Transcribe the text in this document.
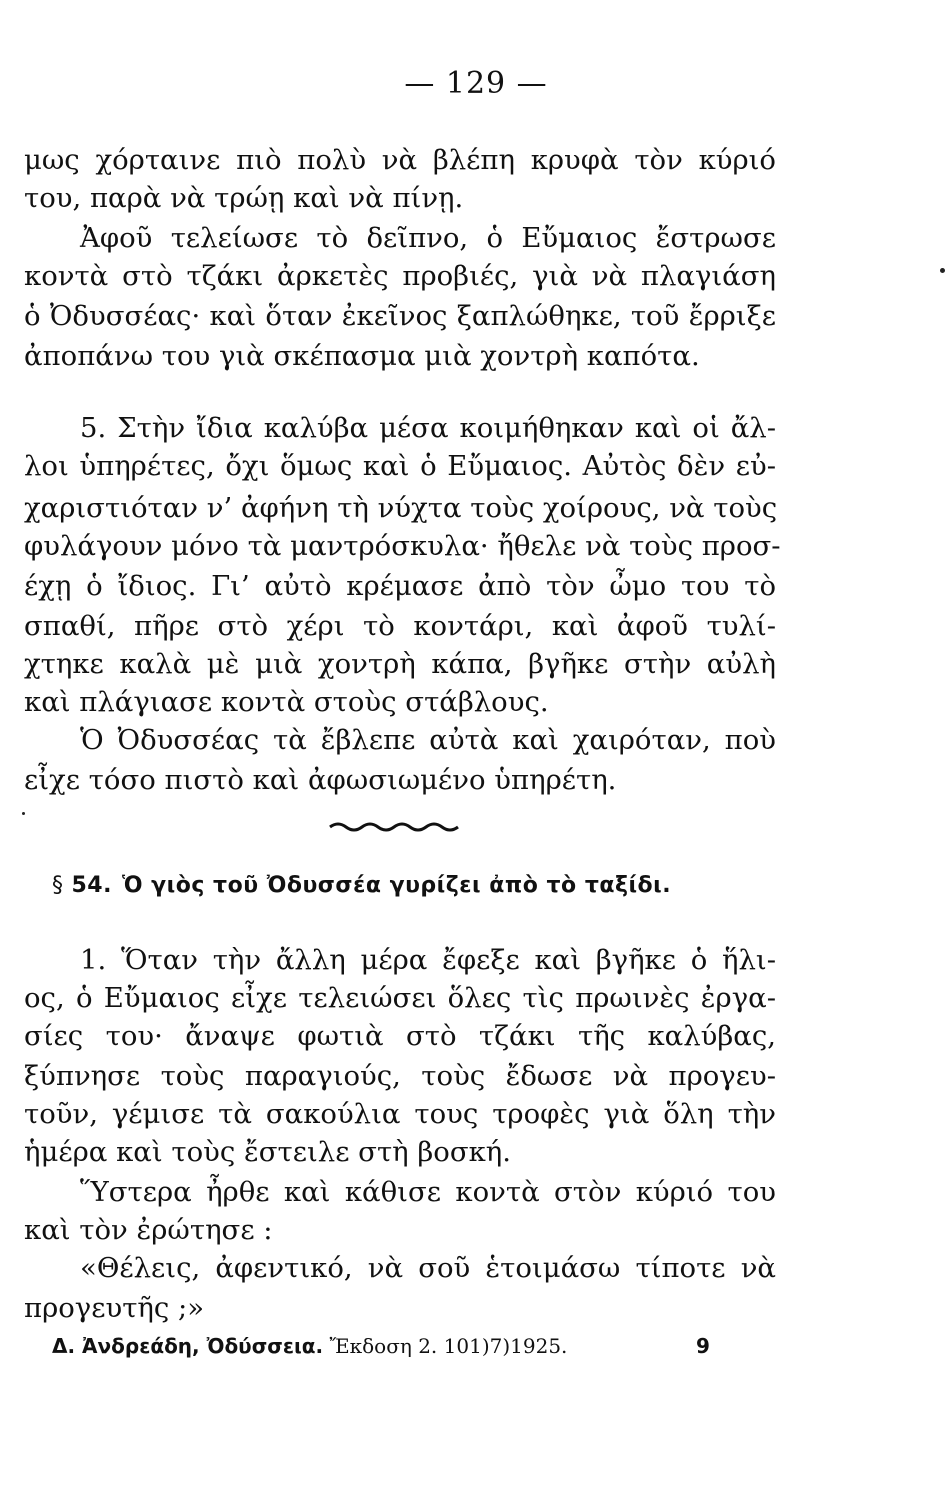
— 129 —
μως χόρταινε πιὸ πολὺ νὰ βλέπη κρυφὰ τὸν κύριό
του, παρὰ νὰ τρώῃ καὶ νὰ πίνῃ.
Ἀφοῦ τελείωσε τὸ δεῖπνο, ὁ Εὔμαιος ἔστρωσε
κοντὰ στὸ τζάκι ἀρκετὲς προβιές, γιὰ νὰ πλαγιάση
ὁ Ὀδυσσέας· καὶ ὅταν ἐκεῖνος ξαπλώθηκε, τοῦ ἔρριξε
ἀποπάνω του γιὰ σκέπασμα μιὰ χοντρὴ καπότα.
5. Στὴν ἴδια καλύβα μέσα κοιμήθηκαν καὶ οἱ ἄλ-
λοι ὑπηρέτες, ὄχι ὅμως καὶ ὁ Εὔμαιος. Αὐτὸς δὲν εὐ-
χαριστιόταν ν’ ἀφήνη τὴ νύχτα τοὺς χοίρους, νὰ τοὺς
φυλάγουν μόνο τὰ μαντρόσκυλα· ἤθελε νὰ τοὺς προσ-
έχῃ ὁ ἴδιος. Γι’ αὐτὸ κρέμασε ἀπὸ τὸν ὦμο του τὸ
σπαθί, πῆρε στὸ χέρι τὸ κοντάρι, καὶ ἀφοῦ τυλί-
χτηκε καλὰ μὲ μιὰ χοντρὴ κάπα, βγῆκε στὴν αὐλὴ
καὶ πλάγιασε κοντὰ στοὺς στάβλους.
Ὁ Ὀδυσσέας τὰ ἔβλεπε αὐτὰ καὶ χαιρόταν, ποὺ
εἶχε τόσο πιστὸ καὶ ἀφωσιωμένο ὑπηρέτη.
§ 54. Ὁ γιὸς τοῦ Ὀδυσσέα γυρίζει ἀπὸ τὸ ταξίδι.
1. Ὅταν τὴν ἄλλη μέρα ἔφεξε καὶ βγῆκε ὁ ἥλι-
ος, ὁ Εὔμαιος εἶχε τελειώσει ὅλες τὶς πρωινὲς ἐργα-
σίες του· ἄναψε φωτιὰ στὸ τζάκι τῆς καλύβας,
ξύπνησε τοὺς παραγιούς, τοὺς ἔδωσε νὰ προγευ-
τοῦν, γέμισε τὰ σακούλια τους τροφὲς γιὰ ὅλη τὴν
ἡμέρα καὶ τοὺς ἔστειλε στὴ βοσκή.
Ὕστερα ἦρθε καὶ κάθισε κοντὰ στὸν κύριό του
καὶ τὸν ἐρώτησε :
«Θέλεις, ἀφεντικό, νὰ σοῦ ἑτοιμάσω τίποτε νὰ
προγευτῆς ;»
Δ. Ἀνδρεάδη, Ὀδύσσεια. Ἔκδοση 2. 101)7)1925.	9
